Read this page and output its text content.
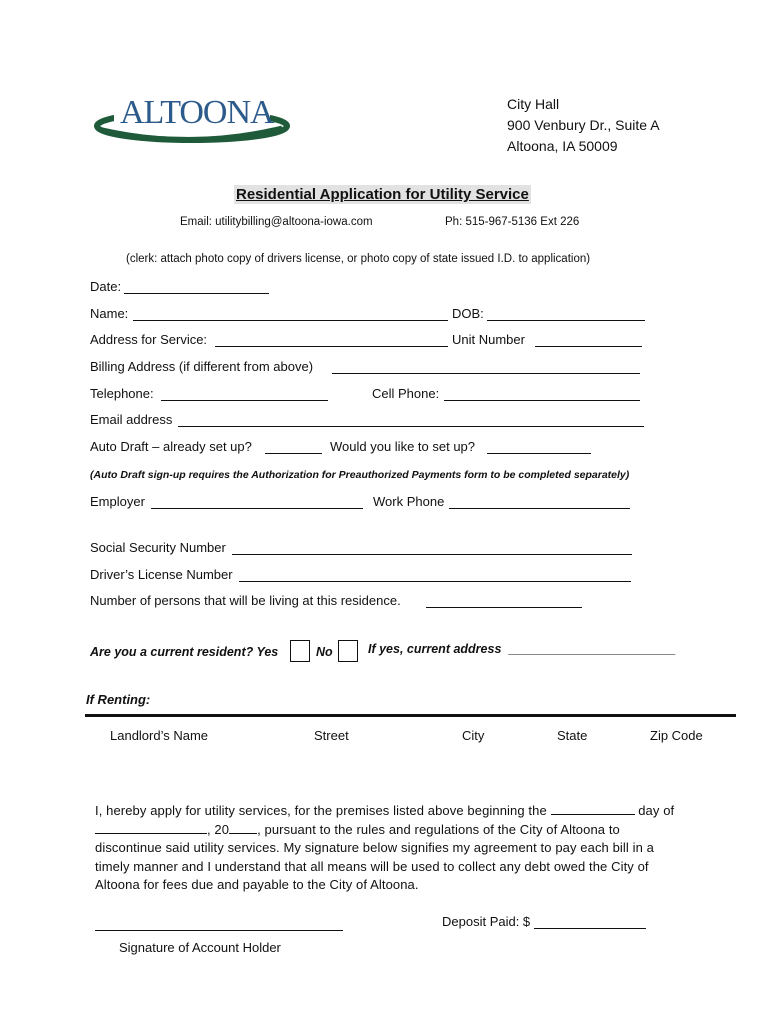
ALTOONA	City Hall
900 Venbury Dr., Suite A
Altoona, IA 50009
Residential Application for Utility Service
Email: utilitybilling@altoona-iowa.com	Ph: 515-967-5136 Ext 226
(clerk: attach photo copy of drivers license, or photo copy of state issued I.D. to application)
Date:
Name:	DOB:
Address for Service:	Unit Number
Billing Address (if different from above)
Telephone:	Cell Phone:
Email address
Auto Draft – already set up?	Would you like to set up?
(Auto Draft sign-up requires the Authorization for Preauthorized Payments form to be completed separately)
Employer	Work Phone
Social Security Number
Driver’s License Number
Number of persons that will be living at this residence.
Are you a current resident? Yes	No	If yes, current address ________________________
If Renting:
Landlord’s Name	Street	City	State	Zip Code
I, hereby apply for utility services, for the premises listed above beginning the	day of , 20 , pursuant to the rules and regulations of the City of Altoona to discontinue said utility services. My signature below signifies my agreement to pay each bill in a timely manner and I understand that all means will be used to collect any debt owed the City of Altoona for fees due and payable to the City of Altoona.
Signature of Account Holder
Deposit Paid: $
